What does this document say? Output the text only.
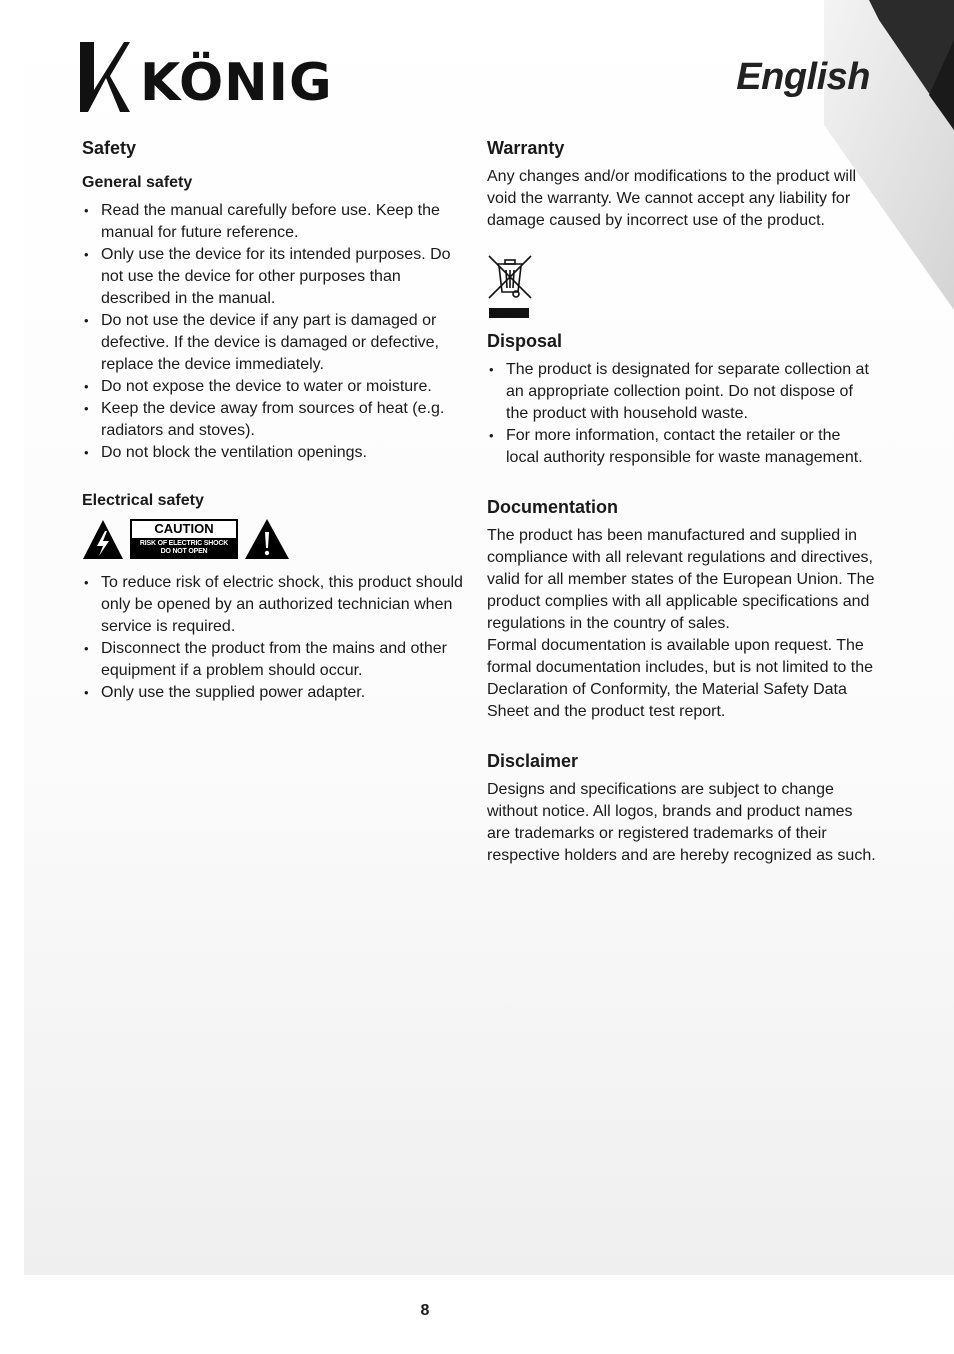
KÖNIG	English
Safety
General safety
• Read the manual carefully before use. Keep the manual for future reference.
• Only use the device for its intended purposes. Do not use the device for other purposes than described in the manual.
• Do not use the device if any part is damaged or defective. If the device is damaged or defective, replace the device immediately.
• Do not expose the device to water or moisture.
• Keep the device away from sources of heat (e.g. radiators and stoves).
• Do not block the ventilation openings.
Electrical safety
CAUTION
RISK OF ELECTRIC SHOCK
DO NOT OPEN
• To reduce risk of electric shock, this product should only be opened by an authorized technician when service is required.
• Disconnect the product from the mains and other equipment if a problem should occur.
• Only use the supplied power adapter.
Warranty

Any changes and/or modifications to the product will void the warranty. We cannot accept any liability for damage caused by incorrect use of the product.

Disposal
• The product is designated for separate collection at an appropriate collection point. Do not dispose of the product with household waste.
• For more information, contact the retailer or the local authority responsible for waste management.
Documentation

The product has been manufactured and supplied in compliance with all relevant regulations and directives, valid for all member states of the European Union. The product complies with all applicable specifications and regulations in the country of sales.

Formal documentation is available upon request. The formal documentation includes, but is not limited to the Declaration of Conformity, the Material Safety Data Sheet and the product test report.

Disclaimer

Designs and specifications are subject to change without notice. All logos, brands and product names are trademarks or registered trademarks of their respective holders and are hereby recognized as such.

8
